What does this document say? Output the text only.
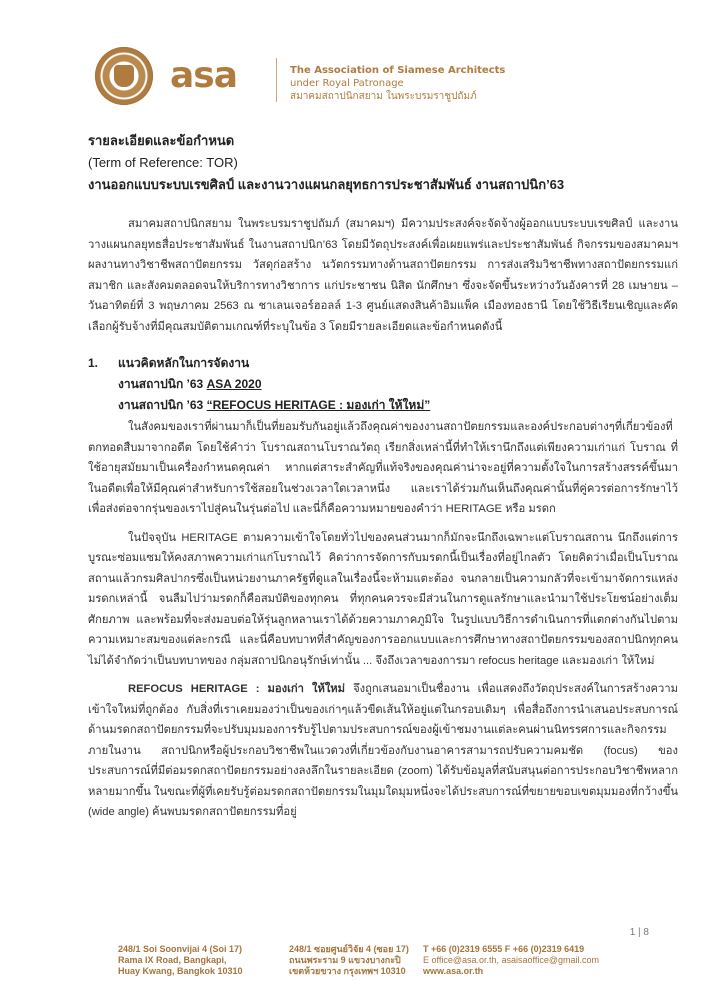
asa	The Association of Siamese Architects
under Royal Patronage
สมาคมสถาปนิกสยาม ในพระบรมราชูปถัมภ์
รายละเอียดและข้อกำหนด
(Term of Reference: TOR)
งานออกแบบระบบเรขศิลป์ และงานวางแผนกลยุทธการประชาสัมพันธ์ งานสถาปนิก’63

สมาคมสถาปนิกสยาม ในพระบรมราชูปถัมภ์ (สมาคมฯ) มีความประสงค์จะจัดจ้างผู้ออกแบบระบบเรขศิลป์ และงานวางแผนกลยุทธสื่อประชาสัมพันธ์ ในงานสถาปนิก’63 โดยมีวัตถุประสงค์เพื่อเผยแพร่และประชาสัมพันธ์ กิจกรรมของสมาคมฯ ผลงานทางวิชาชีพสถาปัตยกรรม วัสดุก่อสร้าง นวัตกรรมทางด้านสถาปัตยกรรม การส่งเสริมวิชาชีพทางสถาปัตยกรรมแก่สมาชิก และสังคมตลอดจนให้บริการทางวิชาการ แก่ประชาชน นิสิต นักศึกษา ซึ่งจะจัดขึ้นระหว่างวันอังคารที่ 28 เมษายน –วันอาทิตย์ที่ 3 พฤษภาคม 2563 ณ ชาเลนเจอร์ฮอลล์ 1-3 ศูนย์แสดงสินค้าอิมแพ็ค เมืองทองธานี โดยใช้วิธีเรียนเชิญและคัดเลือกผู้รับจ้างที่มีคุณสมบัติตามเกณฑ์ที่ระบุในข้อ 3 โดยมีรายละเอียดและข้อกำหนดดังนี้

1. แนวคิดหลักในการจัดงาน
งานสถาปนิก ’63 ASA 2020
งานสถาปนิก ’63 “REFOCUS HERITAGE : มองเก่า ให้ใหม่”

ในสังคมของเราที่ผ่านมาก็เป็นที่ยอมรับกันอยู่แล้วถึงคุณค่าของงานสถาปัตยกรรมและองค์ประกอบต่างๆที่เกี่ยวข้องที่ตกทอดสืบมาจากอดีต โดยใช้คำว่า โบราณสถานโบราณวัตถุ เรียกสิ่งเหล่านี้ที่ทำให้เรานึกถึงแต่เพียงความเก่าแก่ โบราณ ที่ใช้อายุสมัยมาเป็นเครื่องกำหนดคุณค่า หากแต่สาระสำคัญที่แท้จริงของคุณค่าน่าจะอยู่ที่ความตั้งใจในการสร้างสรรค์ขึ้นมาในอดีตเพื่อให้มีคุณค่าสำหรับการใช้สอยในช่วงเวลาใดเวลาหนึ่ง และเราได้ร่วมกันเห็นถึงคุณค่านั้นที่คู่ควรต่อการรักษาไว้เพื่อส่งต่อจากรุ่นของเราไปสู่คนในรุ่นต่อไป และนี่ก็คือความหมายของคำว่า HERITAGE หรือ มรดก

ในปัจจุบัน HERITAGE ตามความเข้าใจโดยทั่วไปของคนส่วนมากก็มักจะนึกถึงเฉพาะแต่โบราณสถาน นึกถึงแต่การบูรณะซ่อมแซมให้คงสภาพความเก่าแก่โบราณไว้ คิดว่าการจัดการกับมรดกนี้เป็นเรื่องที่อยู่ไกลตัว โดยคิดว่าเมื่อเป็นโบราณสถานแล้วกรมศิลปากรซึ่งเป็นหน่วยงานภาครัฐที่ดูแลในเรื่องนี้จะห้ามแตะต้อง จนกลายเป็นความกลัวที่จะเข้ามาจัดการแหล่งมรดกเหล่านี้ จนลืมไปว่ามรดกก็คือสมบัติของทุกคน ที่ทุกคนควรจะมีส่วนในการดูแลรักษาและนำมาใช้ประโยชน์อย่างเต็มศักยภาพ และพร้อมที่จะส่งมอบต่อให้รุ่นลูกหลานเราได้ด้วยความภาคภูมิใจ ในรูปแบบวิธีการดำเนินการที่แตกต่างกันไปตามความเหมาะสมของแต่ละกรณี และนี่คือบทบาทที่สำคัญของการออกแบบและการศึกษาทางสถาปัตยกรรมของสถาปนิกทุกคน ไม่ได้จำกัดว่าเป็นบทบาทของ กลุ่มสถาปนิกอนุรักษ์เท่านั้น ... จึงถึงเวลาของการมา refocus heritage และมองเก่า ให้ใหม่

REFOCUS HERITAGE : มองเก่า ให้ใหม่ จึงถูกเสนอมาเป็นชื่องาน เพื่อแสดงถึงวัตถุประสงค์ในการสร้างความเข้าใจใหม่ที่ถูกต้อง กับสิ่งที่เราเคยมองว่าเป็นของเก่าๆแล้วขีดเส้นให้อยู่แต่ในกรอบเดิมๆ เพื่อสื่อถึงการนำเสนอประสบการณ์ด้านมรดกสถาปัตยกรรมที่จะปรับมุมมองการรับรู้ไปตามประสบการณ์ของผู้เข้าชมงานแต่ละคนผ่านนิทรรศการและกิจกรรมภายในงาน สถาปนิกหรือผู้ประกอบวิชาชีพในแวดวงที่เกี่ยวข้องกับงานอาคารสามารถปรับความคมชัด (focus) ของประสบการณ์ที่มีต่อมรดกสถาปัตยกรรมอย่างลงลึกในรายละเอียด (zoom) ได้รับข้อมูลที่สนับสนุนต่อการประกอบวิชาชีพหลากหลายมากขึ้น ในขณะที่ผู้ที่เคยรับรู้ต่อมรดกสถาปัตยกรรมในมุมใดมุมหนึ่งจะได้ประสบการณ์ที่ขยายขอบเขตมุมมองที่กว้างขึ้น (wide angle) ค้นพบมรดกสถาปัตยกรรมที่อยู่

1 | 8
248/1 Soi Soonvijai 4 (Soi 17)
Rama IX Road, Bangkapi,
Huay Kwang, Bangkok 10310
248/1 ซอยศูนย์วิจัย 4 (ซอย 17)
ถนนพระราม 9 แขวงบางกะปิ
เขตห้วยขวาง กรุงเทพฯ 10310
T +66 (0)2319 6555 F +66 (0)2319 6419
E office@asa.or.th, asaisaoffice@gmail.com
www.asa.or.th
